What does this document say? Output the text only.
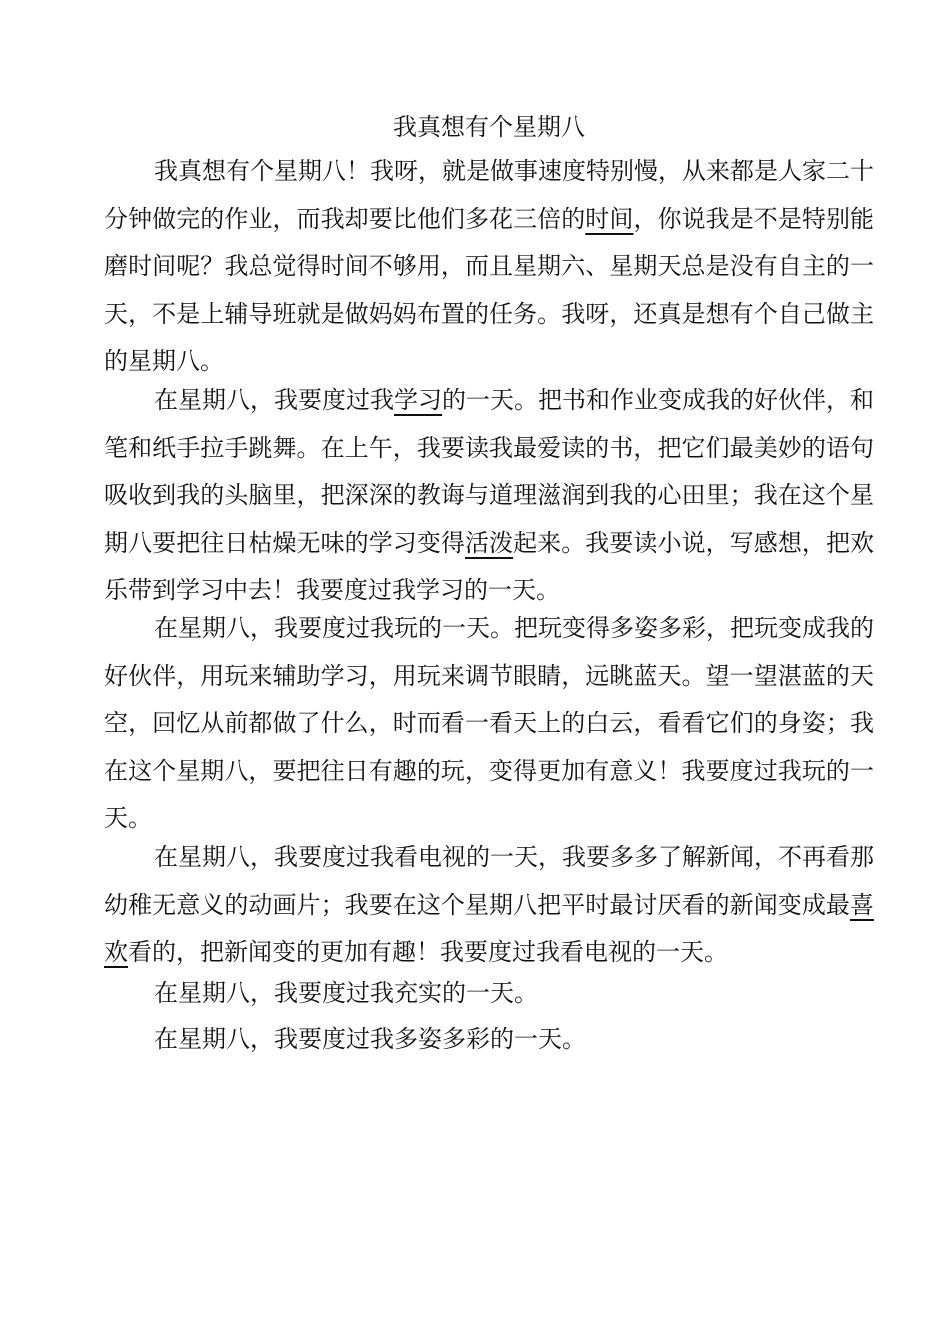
我真想有个星期八

我真想有个星期八！我呀，就是做事速度特别慢，从来都是人家二十分钟做完的作业，而我却要比他们多花三倍的时间，你说我是不是特别能磨时间呢？我总觉得时间不够用，而且星期六、星期天总是没有自主的一天，不是上辅导班就是做妈妈布置的任务。我呀，还真是想有个自己做主的星期八。

在星期八，我要度过我学习的一天。把书和作业变成我的好伙伴，和笔和纸手拉手跳舞。在上午，我要读我最爱读的书，把它们最美妙的语句吸收到我的头脑里，把深深的教诲与道理滋润到我的心田里；我在这个星期八要把往日枯燥无味的学习变得活泼起来。我要读小说，写感想，把欢乐带到学习中去！我要度过我学习的一天。

在星期八，我要度过我玩的一天。把玩变得多姿多彩，把玩变成我的好伙伴，用玩来辅助学习，用玩来调节眼睛，远眺蓝天。望一望湛蓝的天空，回忆从前都做了什么，时而看一看天上的白云，看看它们的身姿；我在这个星期八，要把往日有趣的玩，变得更加有意义！我要度过我玩的一天。

在星期八，我要度过我看电视的一天，我要多多了解新闻，不再看那幼稚无意义的动画片；我要在这个星期八把平时最讨厌看的新闻变成最喜欢看的，把新闻变的更加有趣！我要度过我看电视的一天。

在星期八，我要度过我充实的一天。

在星期八，我要度过我多姿多彩的一天。
